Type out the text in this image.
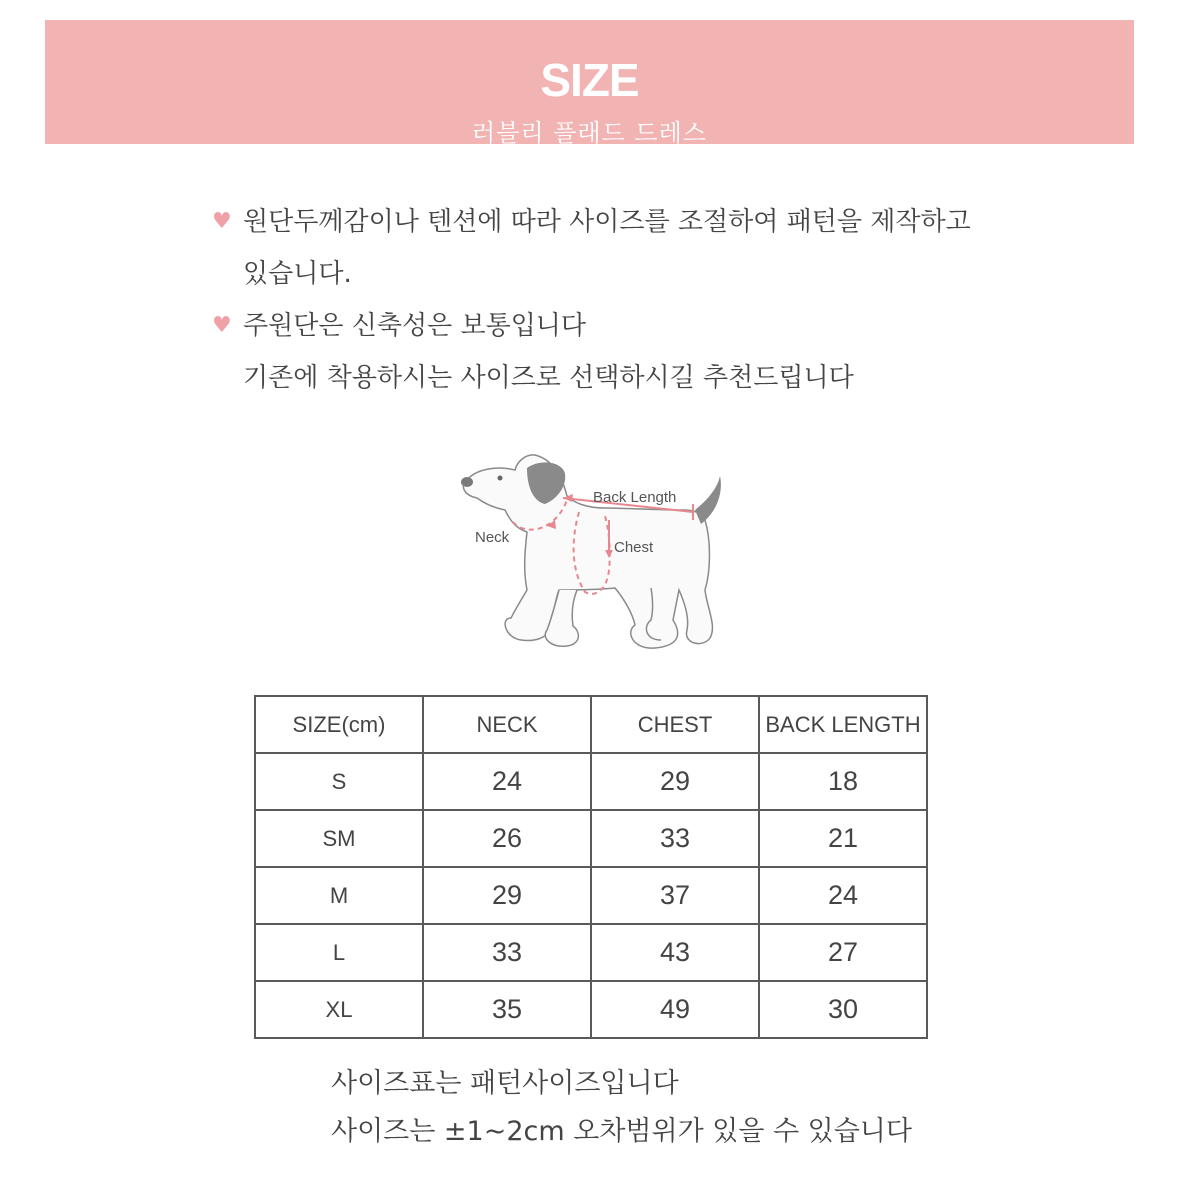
SIZE
러블리 플래드 드레스
♥ 원단두께감이나 텐션에 따라 사이즈를 조절하여 패턴을 제작하고
있습니다.
♥ 주원단은 신축성은 보통입니다
기존에 착용하시는 사이즈로 선택하시길 추천드립니다
Back Length
Neck
Chest
SIZE(cm)	NECK	CHEST	BACK LENGTH
S	24	29	18
SM	26	33	21
M	29	37	24
L	33	43	27
XL	35	49	30
사이즈표는 패턴사이즈입니다
사이즈는 ±1~2cm 오차범위가 있을 수 있습니다
